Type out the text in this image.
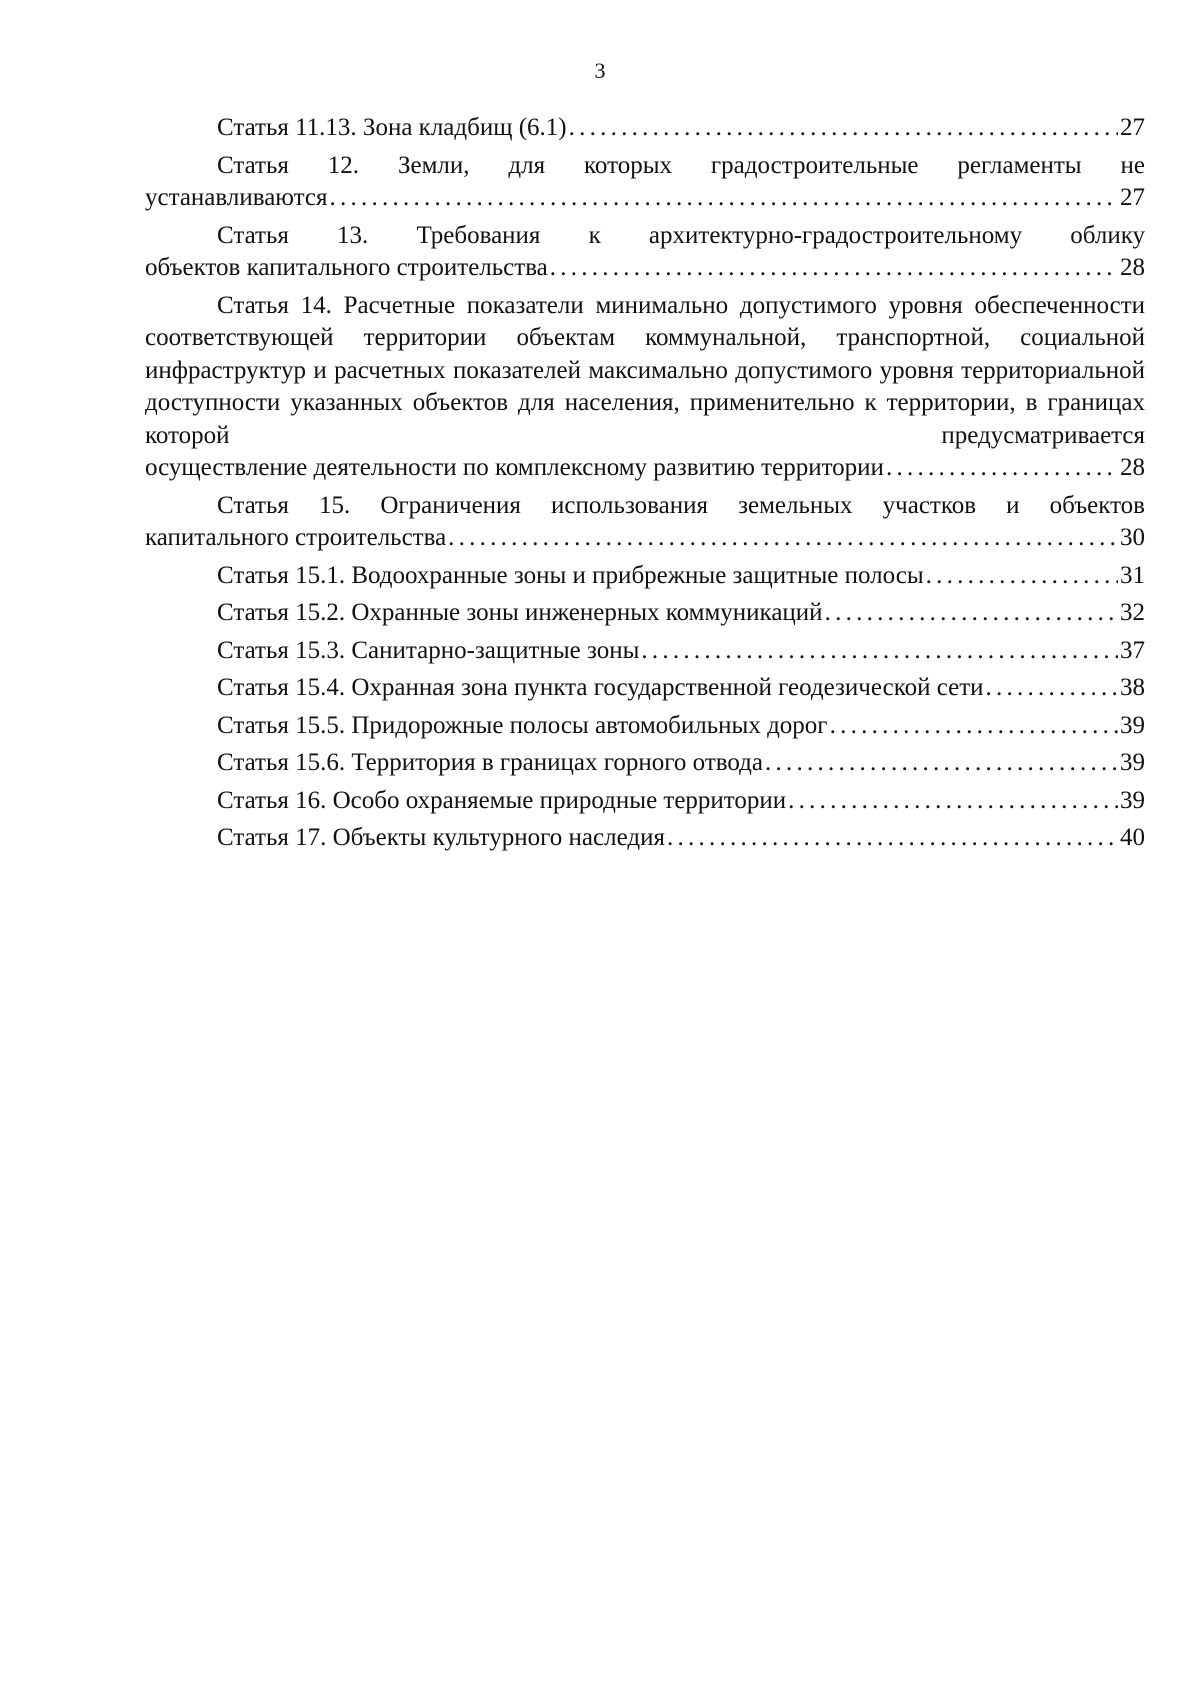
3
Статья 11.13. Зона кладбищ (6.1) . . .	27
Статья 12. Земли, для которых градостроительные регламенты не
устанавливаются . . .	27
Статья 13. Требования к архитектурно-градостроительному облику
объектов капитального строительства . . .	28
Статья 14. Расчетные показатели минимально допустимого уровня обеспеченности соответствующей территории объектам коммунальной, транспортной, социальной инфраструктур и расчетных показателей максимально допустимого уровня территориальной доступности указанных объектов для населения, применительно к территории, в границах которой предусматривается
осуществление деятельности по комплексному развитию территории . . .	28
Статья 15. Ограничения использования земельных участков и объектов
капитального строительства . . .	30
Статья 15.1. Водоохранные зоны и прибрежные защитные полосы . . .	31
Статья 15.2. Охранные зоны инженерных коммуникаций . . .	32
Статья 15.3. Санитарно-защитные зоны . . .	37
Статья 15.4. Охранная зона пункта государственной геодезической сети . . .	38
Статья 15.5. Придорожные полосы автомобильных дорог . . .	39
Статья 15.6. Территория в границах горного отвода . . .	39
Статья 16. Особо охраняемые природные территории . . .	39
Статья 17. Объекты культурного наследия . . .	40
